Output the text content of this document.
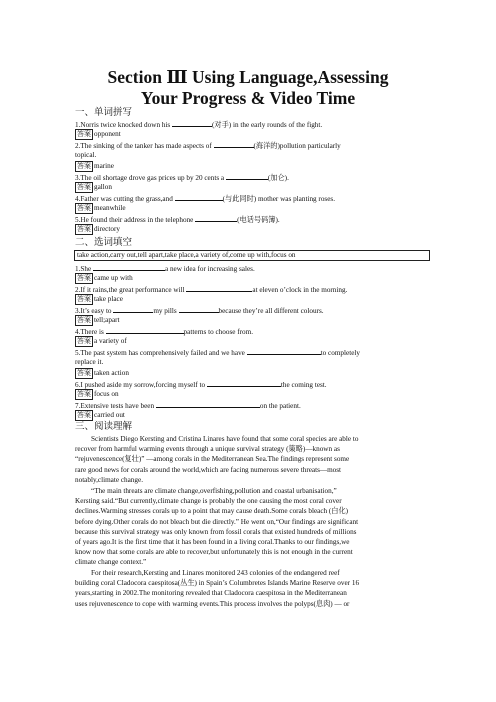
Section Ⅲ Using Language,Assessing
Your Progress & Video Time
一、单词拼写
1.Norris twice knocked down his	(对手) in the early rounds of the fight.
答案 opponent
2.The sinking of the tanker has made aspects of	(海洋的)pollution particularly
topical.
答案 marine
3.The oil shortage drove gas prices up by 20 cents a	(加仑).
答案 gallon
4.Father was cutting the grass,and	(与此同时) mother was planting roses.
答案 meanwhile
5.He found their address in the telephone	(电话号码簿).
答案 directory
二、选词填空
take action,carry out,tell apart,take place,a variety of,come up with,focus on
1.She	a new idea for increasing sales.
答案 came up with
2.If it rains,the great performance will	at eleven o’clock in the morning.
答案 take place
3.It’s easy to	my pills	because they’re all different colours.
答案 tell;apart
4.There is	patterns to choose from.
答案 a variety of
5.The past system has comprehensively failed and we have	to completely
replace it.
答案 taken action
6.I pushed aside my sorrow,forcing myself to	the coming test.
答案 focus on
7.Extensive tests have been	on the patient.
答案 carried out
三、阅读理解
Scientists Diego Kersting and Cristina Linares have found that some coral species are able to
recover from harmful warming events through a unique survival strategy (策略)—known as
“rejuvenescence(复壮)” —among corals in the Mediterranean Sea.The findings represent some
rare good news for corals around the world,which are facing numerous severe threats—most
notably,climate change.
“The main threats are climate change,overfishing,pollution and coastal urbanisation,”
Kersting said.“But currently,climate change is probably the one causing the most coral cover
declines.Warming stresses corals up to a point that may cause death.Some corals bleach (白化)
before dying.Other corals do not bleach but die directly.” He went on,“Our findings are significant
because this survival strategy was only known from fossil corals that existed hundreds of millions
of years ago.It is the first time that it has been found in a living coral.Thanks to our findings,we
know now that some corals are able to recover,but unfortunately this is not enough in the current
climate change context.”
For their research,Kersting and Linares monitored 243 colonies of the endangered reef
building coral Cladocora caespitosa(丛生) in Spain’s Columbretes Islands Marine Reserve over 16
years,starting in 2002.The monitoring revealed that Cladocora caespitosa in the Mediterranean
uses rejuvenescence to cope with warming events.This process involves the polyps(息肉) — or
